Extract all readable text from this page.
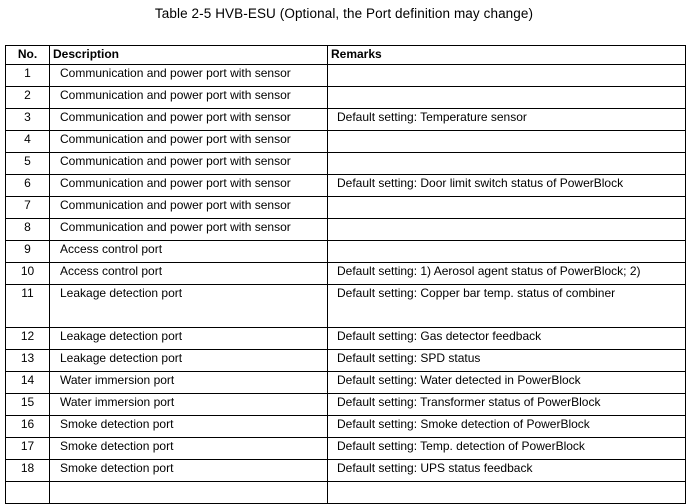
Table 2-5 HVB-ESU (Optional, the Port definition may change)
No.	Description	Remarks
1	Communication and power port with sensor	
2	Communication and power port with sensor	
3	Communication and power port with sensor	Default setting: Temperature sensor
4	Communication and power port with sensor	
5	Communication and power port with sensor	
6	Communication and power port with sensor	Default setting: Door limit switch status of PowerBlock
7	Communication and power port with sensor	
8	Communication and power port with sensor	
9	Access control port	
10	Access control port	Default setting: 1) Aerosol agent status of PowerBlock; 2)
11	Leakage detection port	Default setting: Copper bar temp. status of combiner
12	Leakage detection port	Default setting: Gas detector feedback
13	Leakage detection port	Default setting: SPD status
14	Water immersion port	Default setting: Water detected in PowerBlock
15	Water immersion port	Default setting: Transformer status of PowerBlock
16	Smoke detection port	Default setting: Smoke detection of PowerBlock
17	Smoke detection port	Default setting: Temp. detection of PowerBlock
18	Smoke detection port	Default setting: UPS status feedback
